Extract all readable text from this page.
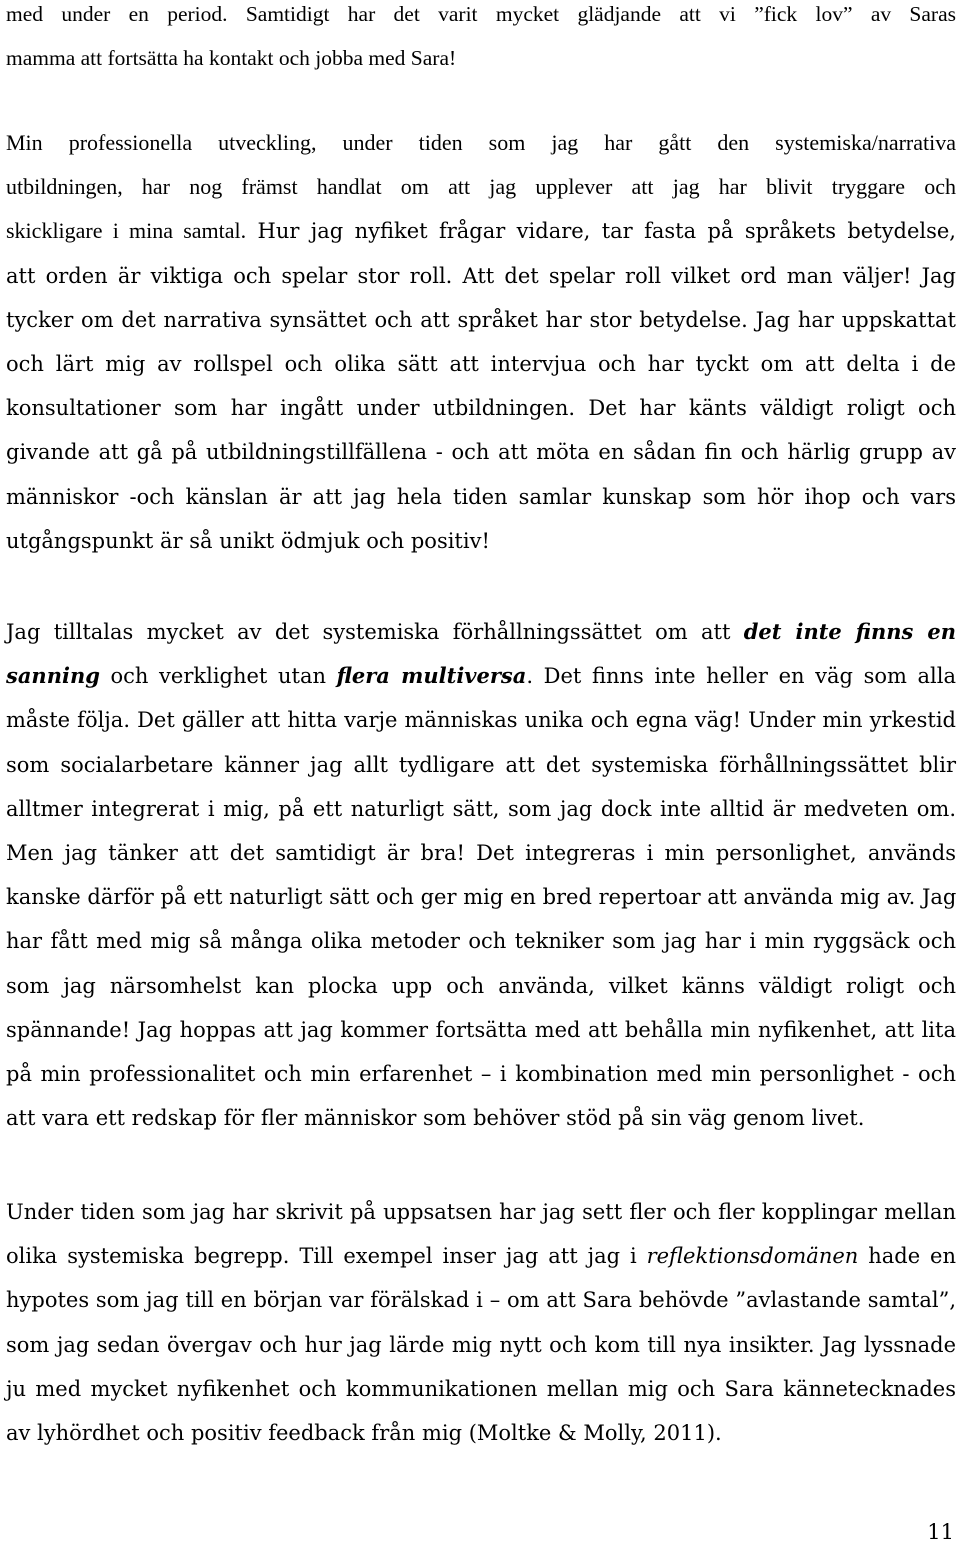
med under en period. Samtidigt har det varit mycket glädjande att vi ”fick lov” av Saras
mamma att fortsätta ha kontakt och jobba med Sara!
Min professionella utveckling, under tiden som jag har gått den systemiska/narrativa
utbildningen, har nog främst handlat om att jag upplever att jag har blivit tryggare och
skickligare i mina samtal. Hur jag nyfiket frågar vidare, tar fasta på språkets betydelse,
att orden är viktiga och spelar stor roll. Att det spelar roll vilket ord man väljer! Jag
tycker om det narrativa synsättet och att språket har stor betydelse. Jag har uppskattat
och lärt mig av rollspel och olika sätt att intervjua och har tyckt om att delta i de
konsultationer som har ingått under utbildningen. Det har känts väldigt roligt och
givande att gå på utbildningstillfällena - och att möta en sådan fin och härlig grupp av
människor -och känslan är att jag hela tiden samlar kunskap som hör ihop och vars
utgångspunkt är så unikt ödmjuk och positiv!
Jag tilltalas mycket av det systemiska förhållningssättet om att det inte finns en
sanning och verklighet utan flera multiversa. Det finns inte heller en väg som alla
måste följa. Det gäller att hitta varje människas unika och egna väg! Under min yrkestid
som socialarbetare känner jag allt tydligare att det systemiska förhållningssättet blir
alltmer integrerat i mig, på ett naturligt sätt, som jag dock inte alltid är medveten om.
Men jag tänker att det samtidigt är bra! Det integreras i min personlighet, används
kanske därför på ett naturligt sätt och ger mig en bred repertoar att använda mig av. Jag
har fått med mig så många olika metoder och tekniker som jag har i min ryggsäck och
som jag närsomhelst kan plocka upp och använda, vilket känns väldigt roligt och
spännande! Jag hoppas att jag kommer fortsätta med att behålla min nyfikenhet, att lita
på min professionalitet och min erfarenhet – i kombination med min personlighet - och
att vara ett redskap för fler människor som behöver stöd på sin väg genom livet.
Under tiden som jag har skrivit på uppsatsen har jag sett fler och fler kopplingar mellan
olika systemiska begrepp. Till exempel inser jag att jag i reflektionsdomänen hade en
hypotes som jag till en början var förälskad i – om att Sara behövde ”avlastande samtal”,
som jag sedan övergav och hur jag lärde mig nytt och kom till nya insikter. Jag lyssnade
ju med mycket nyfikenhet och kommunikationen mellan mig och Sara kännetecknades
av lyhördhet och positiv feedback från mig (Moltke & Molly, 2011).
11
